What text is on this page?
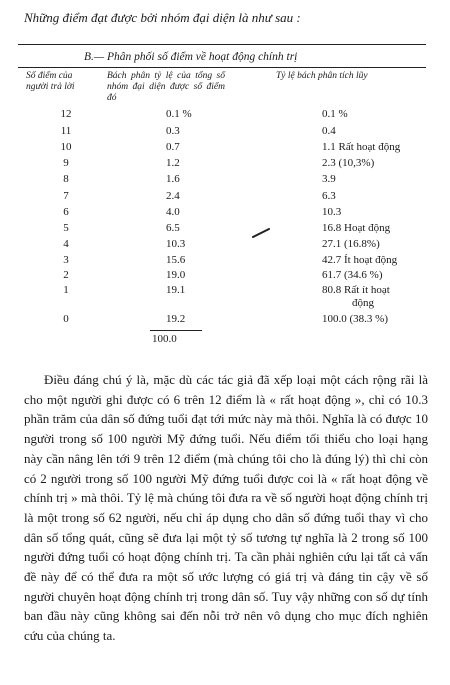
Những điểm đạt được bởi nhóm đại diện là như sau :
B.— Phân phối số điểm về hoạt động chính trị
Số điểm của người trả lời
Bách phân tỷ lệ của tổng số nhóm đại diện được số điểm đó
Tỷ lệ bách phân tích lũy
12	0.1 %	0.1 %
11	0.3	0.4
10	0.7	1.1 Rất hoạt động
9	1.2	2.3 (10,3%)
8	1.6	3.9
7	2.4	6.3
6	4.0	10.3
5	6.5	16.8 Hoạt động
4	10.3	27.1 (16.8%)
3	15.6	42.7 Ít hoạt động
2	19.0	61.7 (34.6 %)
1	19.1	80.8 Rất ít hoạt
động
0	19.2	100.0 (38.3 %)
100.0
Điều đáng chú ý là, mặc dù các tác giả đã xếp loại một cách rộng rãi là cho một người ghi được có 6 trên 12 điểm là « rất hoạt động », chỉ có 10.3 phần trăm của dân số đứng tuổi đạt tới mức này mà thôi. Nghĩa là có được 10 người trong số 100 người Mỹ đứng tuổi. Nếu điểm tối thiểu cho loại hạng này cần nâng lên tới 9 trên 12 điểm (mà chúng tôi cho là đúng lý) thì chỉ còn có 2 người trong số 100 người Mỹ đứng tuổi được coi là « rất hoạt động về chính trị » mà thôi. Tỷ lệ mà chúng tôi đưa ra về số người hoạt động chính trị là một trong số 62 người, nếu chỉ áp dụng cho dân số đứng tuổi thay vì cho dân số tổng quát, cũng sẽ đưa lại một tỷ số tương tự nghĩa là 2 trong số 100 người đứng tuổi có hoạt động chính trị. Ta cần phải nghiên cứu lại tất cả vấn đề này để có thể đưa ra một số ước lượng có giá trị và đáng tin cậy về số người chuyên hoạt động chính trị trong dân số. Tuy vậy những con số dự tính ban đầu này cũng không sai đến nỗi trở nên vô dụng cho mục đích nghiên cứu của chúng ta.
